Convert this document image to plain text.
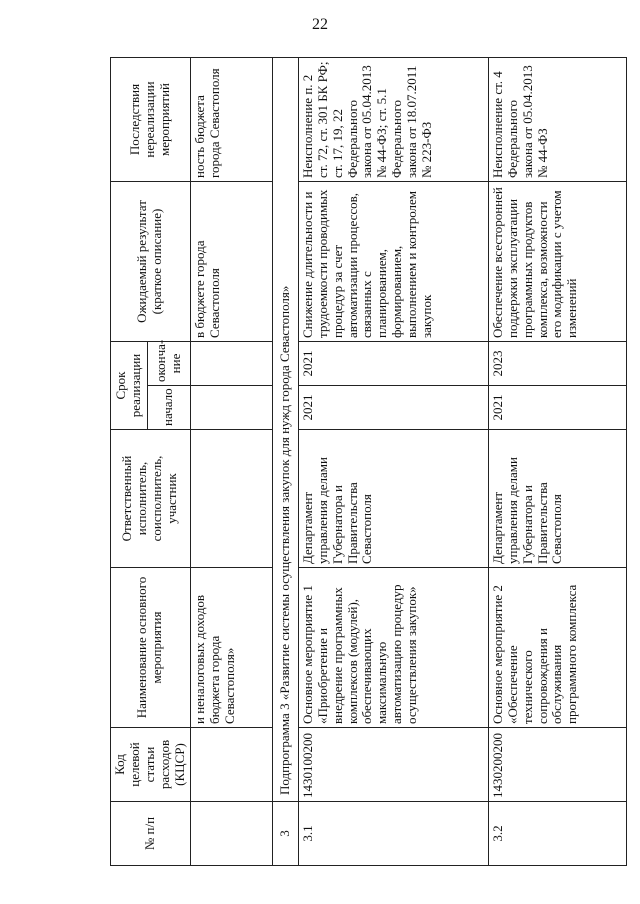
22
№ п/п	Код целевой статьи расходов (КЦСР)	Наименование основного мероприятия	Ответственный исполнитель, соисполнитель, участник	Срок реализации		Ожидаемый результат (краткое описание)	Последствия нереализации мероприятий
				начало	оконча-
ние		
		и неналоговых доходов бюджета города Севастополя»				в бюджете города Севастополя	ность бюджета города Севастополя
3	Подпрограмма 3 «Развитие системы осуществления закупок для нужд города Севастополя»						
3.1	1430100200	Основное мероприятие 1 «Приобретение и внедрение программных комплексов (модулей), обеспечивающих максимальную автоматизацию процедур осуществления закупок»	Департамент управления делами Губернатора и Правительства Севастополя	2021	2021	Снижение длительности и трудоемкости проводимых процедур за счет автоматизации процессов, связанных с планированием, формированием, выполнением и контролем закупок	Неисполнение п. 2 ст. 72, ст. 301 БК РФ; ст. 17, 19, 22 Федерального закона от 05.04.2013 № 44-ФЗ; ст. 5.1 Федерального закона от 18.07.2011 № 223-ФЗ
3.2	1430200200	Основное мероприятие 2 «Обеспечение технического сопровождения и обслуживания программного комплекса	Департамент управления делами Губернатора и Правительства Севастополя	2021	2023	Обеспечение всесторонней поддержки эксплуатации программных продуктов комплекса, возможности его модификации с учетом изменений	Неисполнение ст. 4 Федерального закона от 05.04.2013 № 44-ФЗ
